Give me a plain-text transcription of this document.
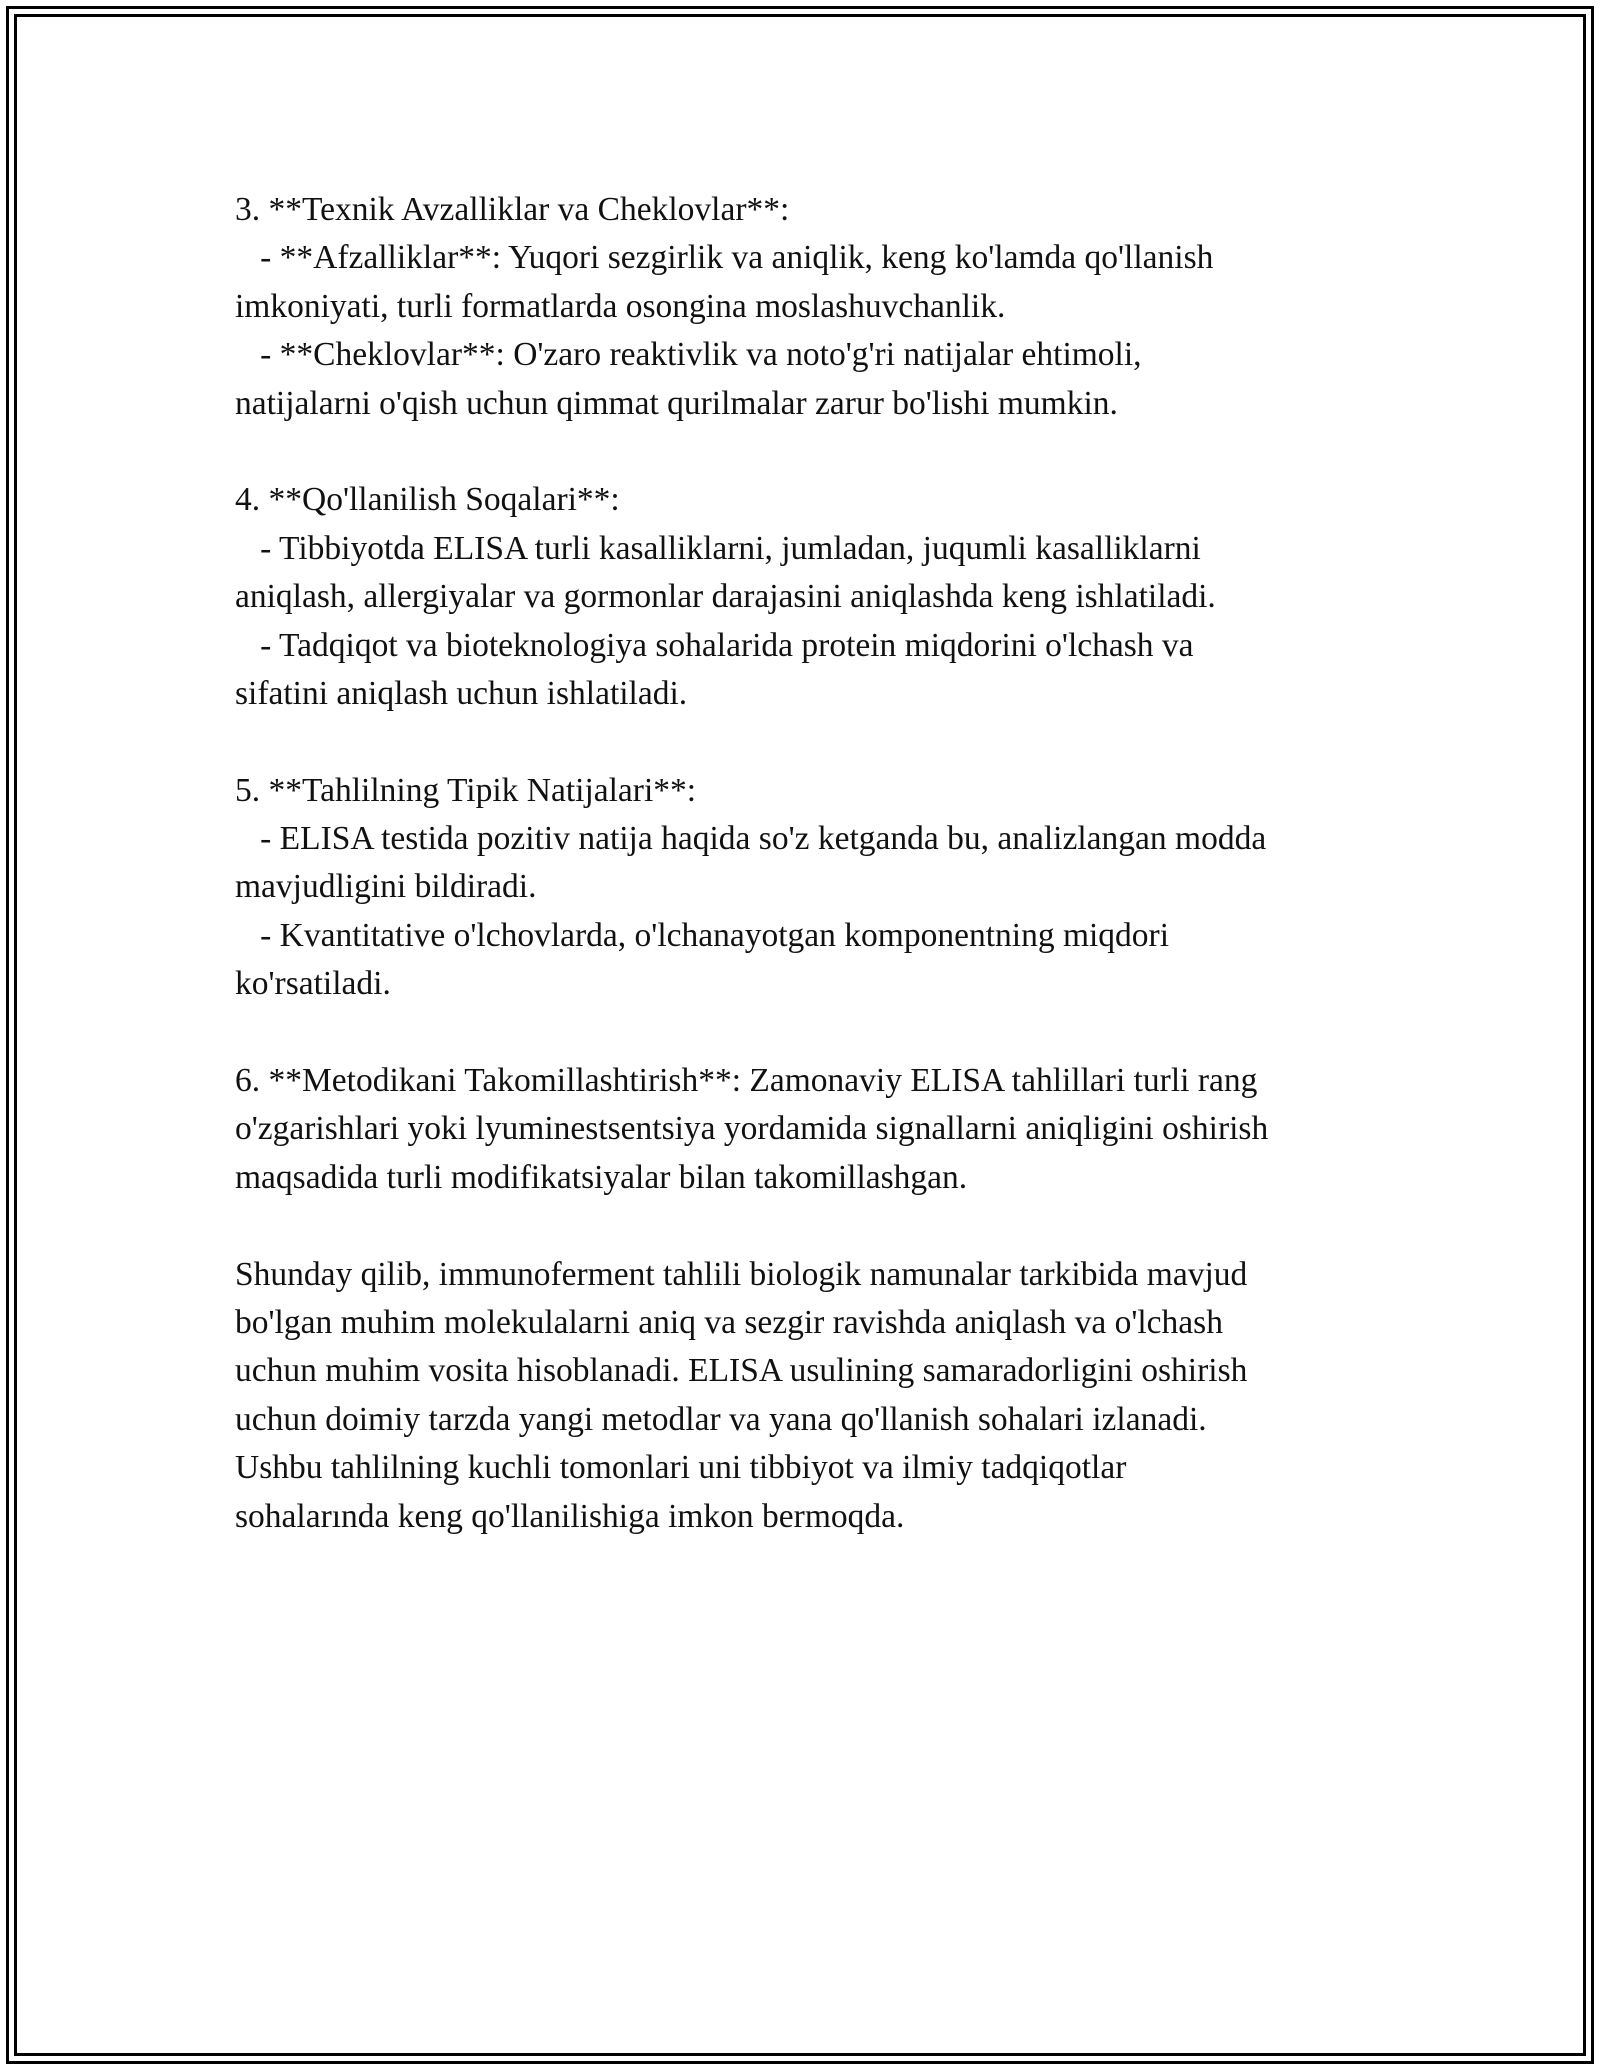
3. **Texnik Avzalliklar va Cheklovlar**:

- **Afzalliklar**: Yuqori sezgirlik va aniqlik, keng ko'lamda qo'llanish

imkoniyati, turli formatlarda osongina moslashuvchanlik.

- **Cheklovlar**: O'zaro reaktivlik va noto'g'ri natijalar ehtimoli,

natijalarni o'qish uchun qimmat qurilmalar zarur bo'lishi mumkin.

4. **Qo'llanilish Soqalari**:

- Tibbiyotda ELISA turli kasalliklarni, jumladan, juqumli kasalliklarni

aniqlash, allergiyalar va gormonlar darajasini aniqlashda keng ishlatiladi.

- Tadqiqot va bioteknologiya sohalarida protein miqdorini o'lchash va

sifatini aniqlash uchun ishlatiladi.

5. **Tahlilning Tipik Natijalari**:

- ELISA testida pozitiv natija haqida so'z ketganda bu, analizlangan modda

mavjudligini bildiradi.

- Kvantitative o'lchovlarda, o'lchanayotgan komponentning miqdori

ko'rsatiladi.

6. **Metodikani Takomillashtirish**: Zamonaviy ELISA tahlillari turli rang

o'zgarishlari yoki lyuminestsentsiya yordamida signallarni aniqligini oshirish

maqsadida turli modifikatsiyalar bilan takomillashgan.

Shunday qilib, immunoferment tahlili biologik namunalar tarkibida mavjud

bo'lgan muhim molekulalarni aniq va sezgir ravishda aniqlash va o'lchash

uchun muhim vosita hisoblanadi. ELISA usulining samaradorligini oshirish

uchun doimiy tarzda yangi metodlar va yana qo'llanish sohalari izlanadi.

Ushbu tahlilning kuchli tomonlari uni tibbiyot va ilmiy tadqiqotlar

sohalarında keng qo'llanilishiga imkon bermoqda.
